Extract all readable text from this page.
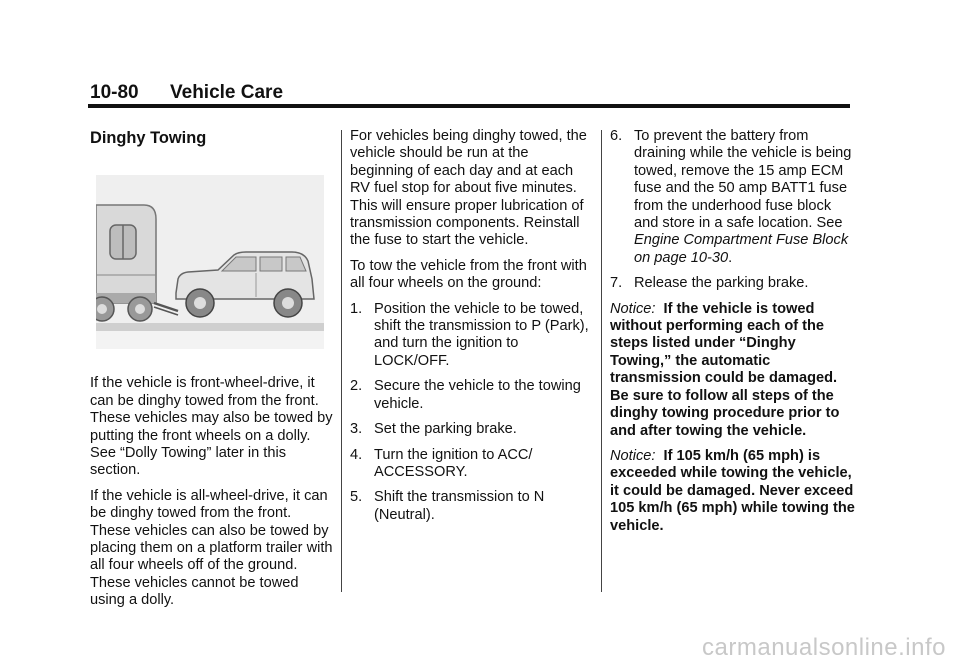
10-80 Vehicle Care
Dinghy Towing

If the vehicle is front-wheel-drive, it can be dinghy towed from the front. These vehicles may also be towed by putting the front wheels on a dolly. See “Dolly Towing” later in this section.

If the vehicle is all-wheel-drive, it can be dinghy towed from the front. These vehicles can also be towed by placing them on a platform trailer with all four wheels off of the ground. These vehicles cannot be towed using a dolly.

For vehicles being dinghy towed, the vehicle should be run at the beginning of each day and at each RV fuel stop for about five minutes. This will ensure proper lubrication of transmission components. Reinstall the fuse to start the vehicle.

To tow the vehicle from the front with all four wheels on the ground:

1. Position the vehicle to be towed, shift the transmission to P (Park), and turn the ignition to LOCK/OFF.
2. Secure the vehicle to the towing vehicle.
3. Set the parking brake.
4. Turn the ignition to ACC/ ACCESSORY.
5. Shift the transmission to N (Neutral).
6. To prevent the battery from draining while the vehicle is being towed, remove the 15 amp ECM fuse and the 50 amp BATT1 fuse from the underhood fuse block and store in a safe location. See Engine Compartment Fuse Block on page 10-30.
7. Release the parking brake.

Notice: If the vehicle is towed without performing each of the steps listed under “Dinghy Towing,” the automatic transmission could be damaged. Be sure to follow all steps of the dinghy towing procedure prior to and after towing the vehicle.

Notice: If 105 km/h (65 mph) is exceeded while towing the vehicle, it could be damaged. Never exceed 105 km/h (65 mph) while towing the vehicle.

carmanualsonline.info
